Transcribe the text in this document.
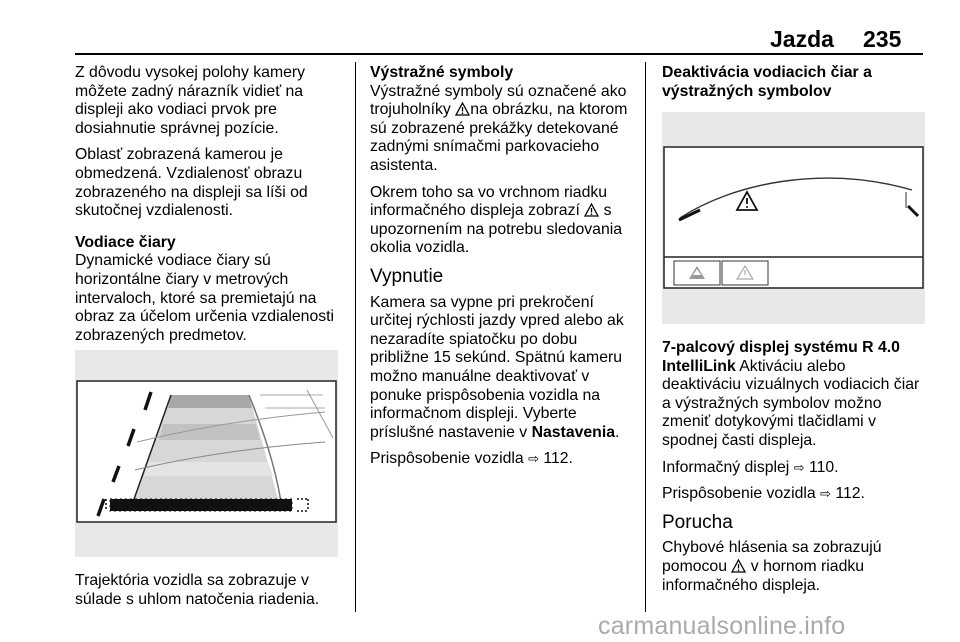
Jazda 235

Z dôvodu vysokej polohy kamery môžete zadný nárazník vidieť na displeji ako vodiaci prvok pre dosiahnutie správnej pozície.

Oblasť zobrazená kamerou je obmedzená. Vzdialenosť obrazu zobrazeného na displeji sa líši od skutočnej vzdialenosti.

Vodiace čiary

Dynamické vodiace čiary sú horizontálne čiary v metrových intervaloch, ktoré sa premietajú na obraz za účelom určenia vzdialenosti zobrazených predmetov.

Trajektória vozidla sa zobrazuje v súlade s uhlom natočenia riadenia.

Výstražné symboly

Výstražné symboly sú označené ako trojuholníky na obrázku, na ktorom sú zobrazené prekážky detekované zadnými snímačmi parkovacieho asistenta.

Okrem toho sa vo vrchnom riadku informačného displeja zobrazí s upozornením na potrebu sledovania okolia vozidla.

Vypnutie

Kamera sa vypne pri prekročení určitej rýchlosti jazdy vpred alebo ak nezaradíte spiatočku po dobu približne 15 sekúnd. Spätnú kameru možno manuálne deaktivovať v ponuke prispôsobenia vozidla na informačnom displeji. Vyberte príslušné nastavenie v Nastavenia.

Prispôsobenie vozidla ⇨ 112.

Deaktivácia vodiacich čiar a výstražných symbolov

7-palcový displej systému R 4.0 IntelliLink Aktiváciu alebo deaktiváciu vizuálnych vodiacich čiar a výstražných symbolov možno zmeniť dotykovými tlačidlami v spodnej časti displeja.

Informačný displej ⇨ 110.

Prispôsobenie vozidla ⇨ 112.

Porucha

Chybové hlásenia sa zobrazujú pomocou v hornom riadku informačného displeja.

carmanualsonline.info
